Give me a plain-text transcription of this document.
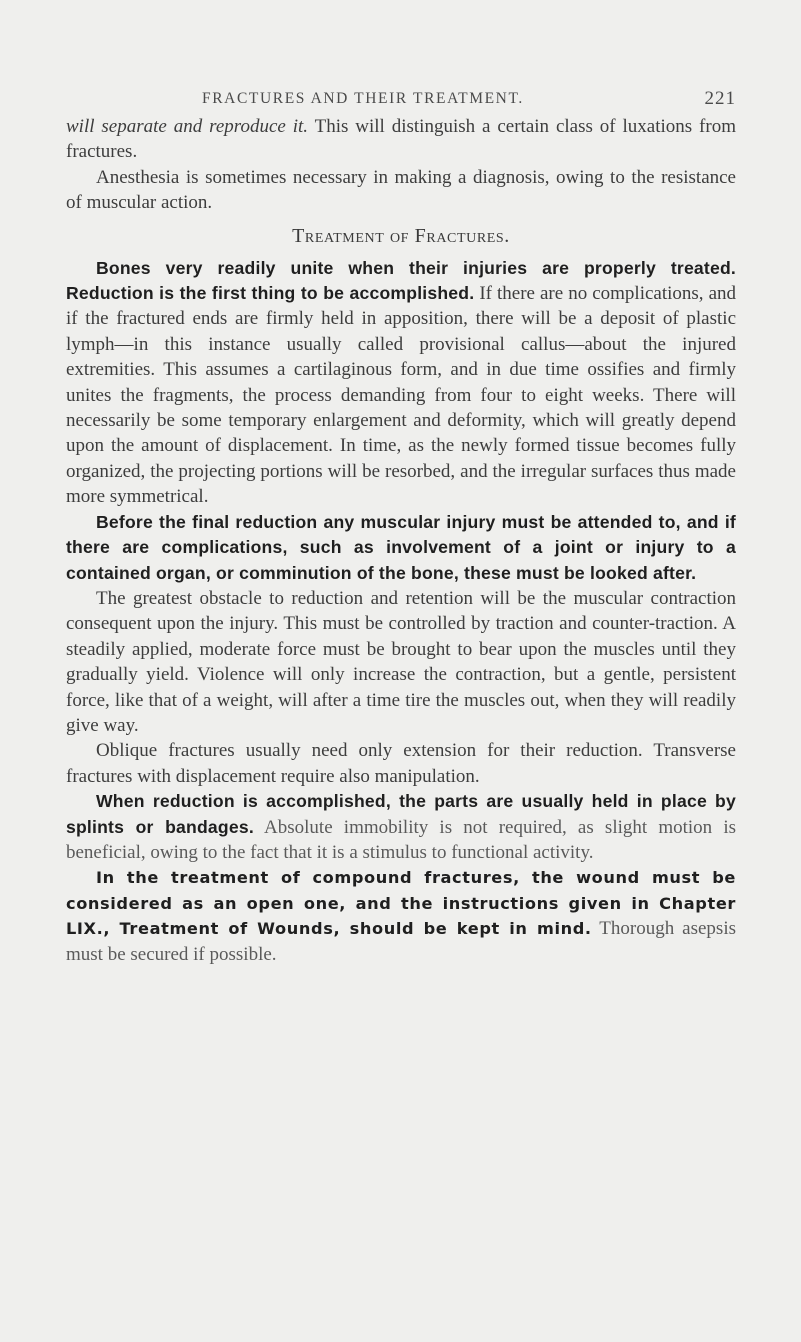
FRACTURES AND THEIR TREATMENT.	221

will separate and reproduce it. This will distinguish a certain class of luxations from fractures.

Anesthesia is sometimes necessary in making a diagnosis, owing to the resistance of muscular action.

Treatment of Fractures.

Bones very readily unite when their injuries are properly treated. Reduction is the first thing to be accomplished. If there are no complications, and if the fractured ends are firmly held in apposition, there will be a deposit of plastic lymph—in this instance usually called provisional callus—about the injured extremities. This assumes a cartilaginous form, and in due time ossifies and firmly unites the fragments, the process demanding from four to eight weeks. There will necessarily be some temporary enlargement and deformity, which will greatly depend upon the amount of displacement. In time, as the newly formed tissue becomes fully organized, the projecting portions will be resorbed, and the irregular surfaces thus made more symmetrical.

Before the final reduction any muscular injury must be attended to, and if there are complications, such as involvement of a joint or injury to a contained organ, or comminution of the bone, these must be looked after.

The greatest obstacle to reduction and retention will be the muscular contraction consequent upon the injury. This must be controlled by traction and counter-traction. A steadily applied, moderate force must be brought to bear upon the muscles until they gradually yield. Violence will only increase the contraction, but a gentle, persistent force, like that of a weight, will after a time tire the muscles out, when they will readily give way.

Oblique fractures usually need only extension for their reduction. Transverse fractures with displacement require also manipulation.

When reduction is accomplished, the parts are usually held in place by splints or bandages. Absolute immobility is not required, as slight motion is beneficial, owing to the fact that it is a stimulus to functional activity.

In the treatment of compound fractures, the wound must be considered as an open one, and the instructions given in Chapter LIX., Treatment of Wounds, should be kept in mind. Thorough asepsis must be secured if possible.
